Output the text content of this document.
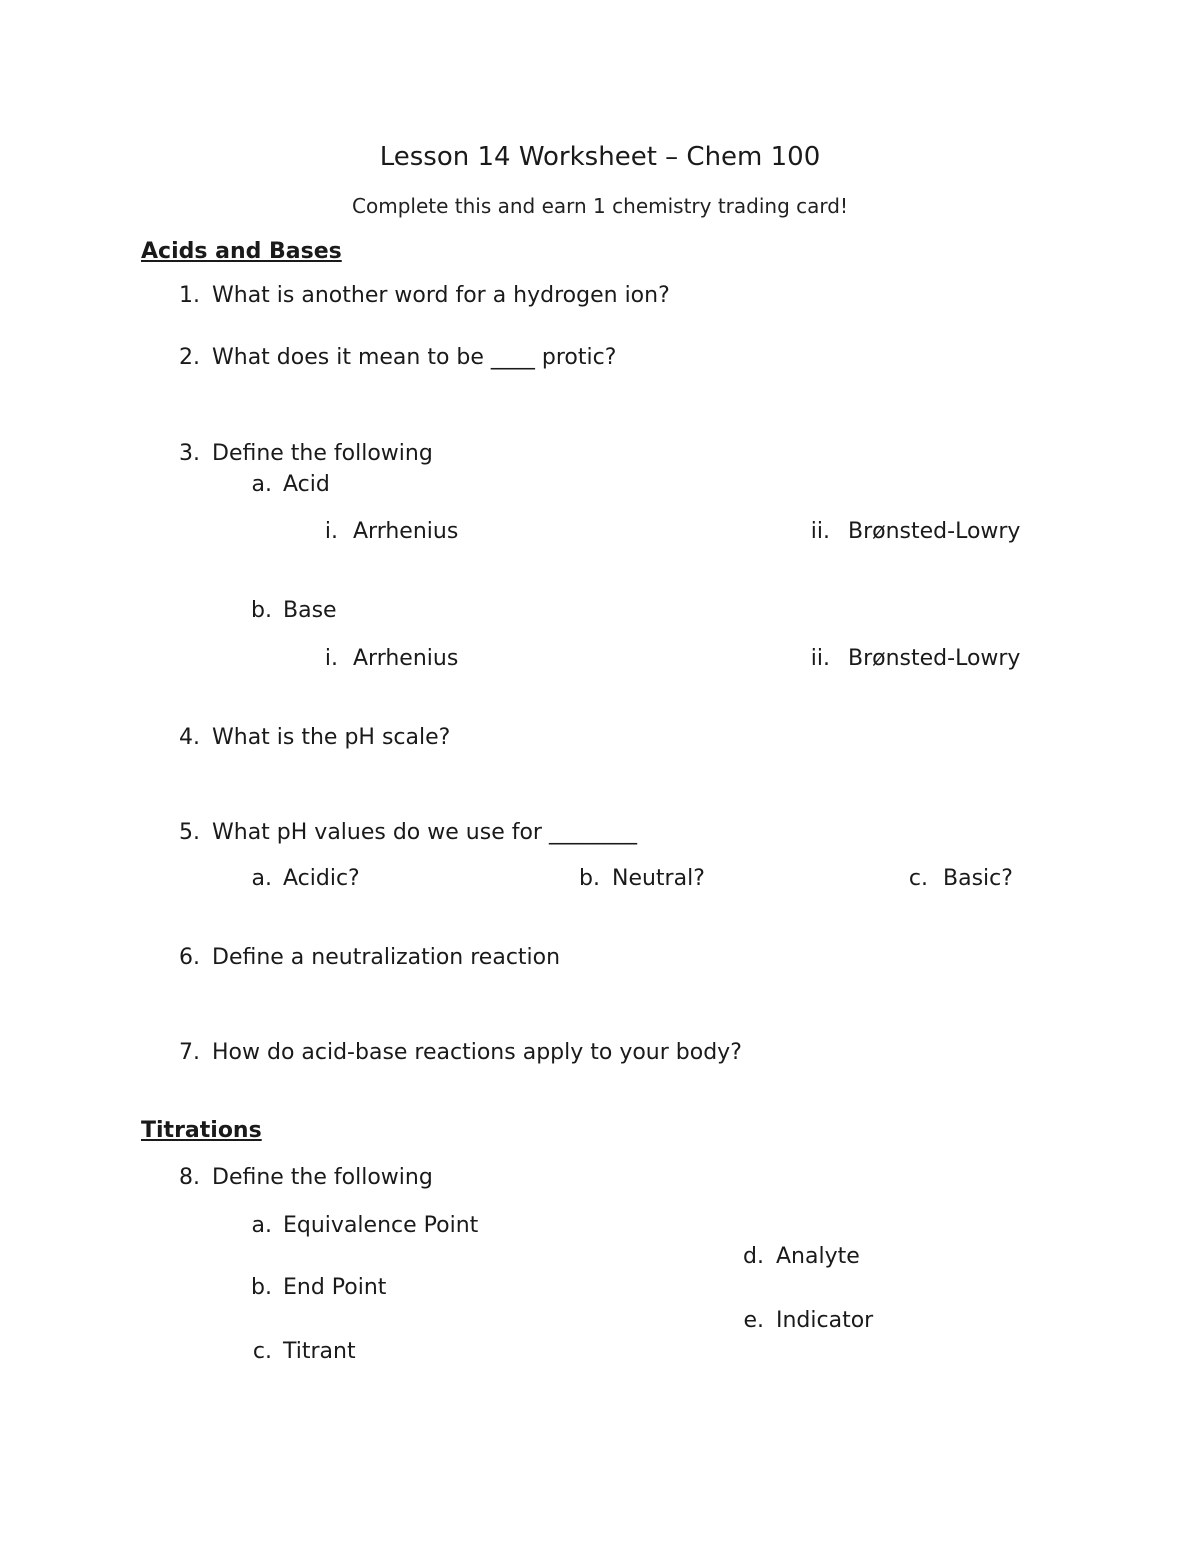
Lesson 14 Worksheet – Chem 100
Complete this and earn 1 chemistry trading card!
Acids and Bases
1. What is another word for a hydrogen ion?
2. What does it mean to be ____ protic?
3. Define the following
a. Acid
i. Arrhenius	ii. Brønsted-Lowry
b. Base
i. Arrhenius	ii. Brønsted-Lowry
4. What is the pH scale?
5. What pH values do we use for ________
a. Acidic?	b. Neutral?	c. Basic?
6. Define a neutralization reaction
7. How do acid-base reactions apply to your body?
Titrations
8. Define the following
a. Equivalence Point
b. End Point
c. Titrant
d. Analyte
e. Indicator
